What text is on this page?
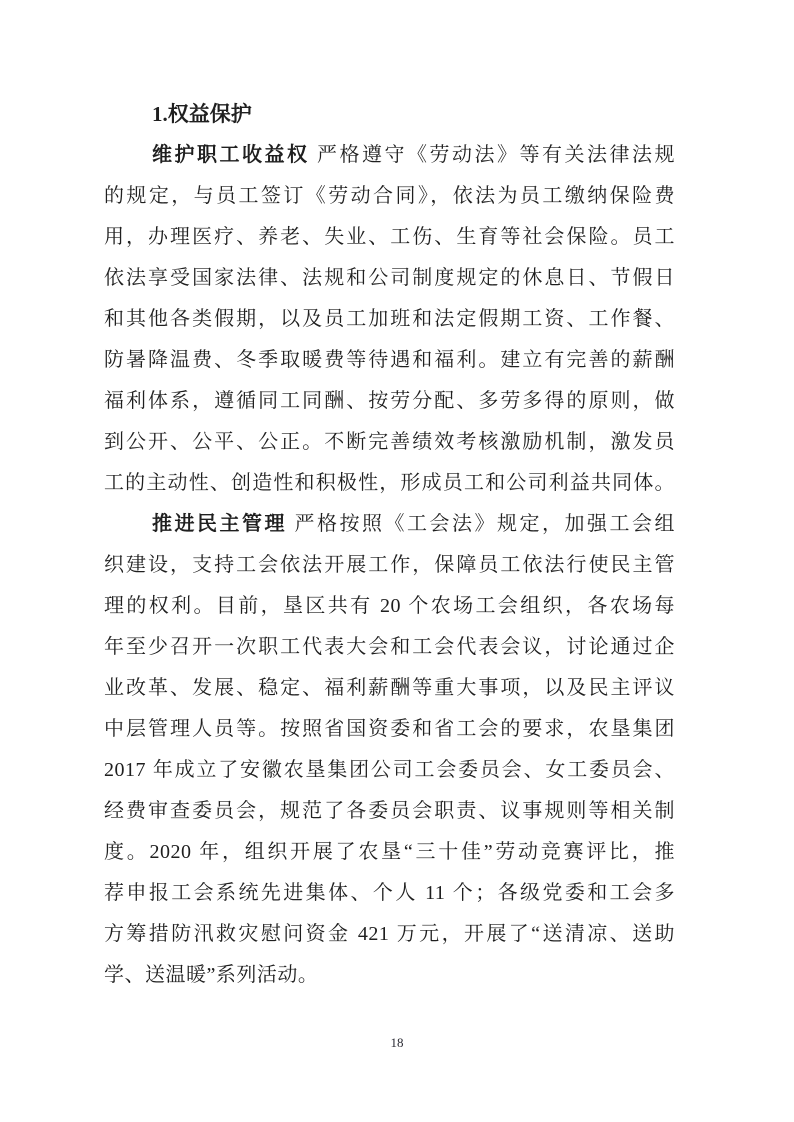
1.权益保护
维护职工收益权 严格遵守《劳动法》等有关法律法规
的规定，与员工签订《劳动合同》，依法为员工缴纳保险费
用，办理医疗、养老、失业、工伤、生育等社会保险。员工
依法享受国家法律、法规和公司制度规定的休息日、节假日
和其他各类假期，以及员工加班和法定假期工资、工作餐、
防暑降温费、冬季取暖费等待遇和福利。建立有完善的薪酬
福利体系，遵循同工同酬、按劳分配、多劳多得的原则，做
到公开、公平、公正。不断完善绩效考核激励机制，激发员
工的主动性、创造性和积极性，形成员工和公司利益共同体。
推进民主管理 严格按照《工会法》规定，加强工会组
织建设，支持工会依法开展工作，保障员工依法行使民主管
理的权利。目前，垦区共有 20 个农场工会组织，各农场每
年至少召开一次职工代表大会和工会代表会议，讨论通过企
业改革、发展、稳定、福利薪酬等重大事项，以及民主评议
中层管理人员等。按照省国资委和省工会的要求，农垦集团
2017 年成立了安徽农垦集团公司工会委员会、女工委员会、
经费审查委员会，规范了各委员会职责、议事规则等相关制
度。2020 年，组织开展了农垦“三十佳”劳动竞赛评比，推
荐申报工会系统先进集体、个人 11 个；各级党委和工会多
方筹措防汛救灾慰问资金 421 万元，开展了“送清凉、送助
学、送温暖”系列活动。
18
